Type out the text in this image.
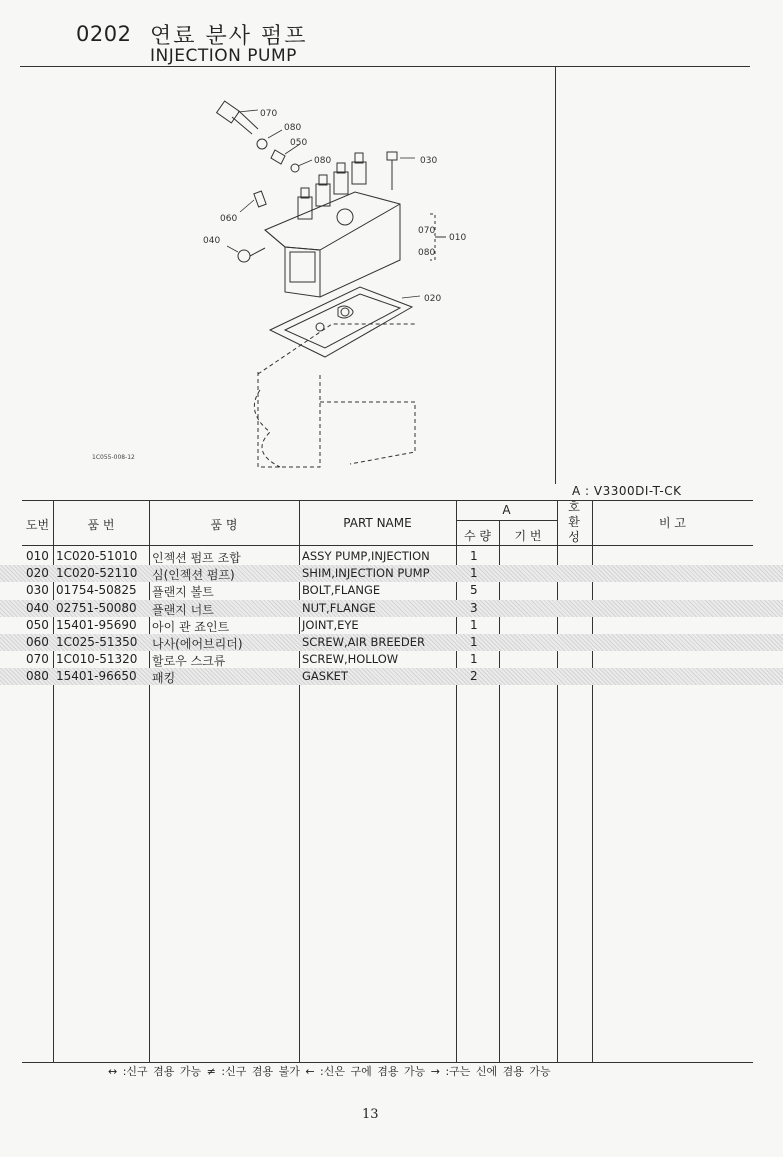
0202 연료 분사 펌프
INJECTION PUMP
070
080
050
080	030
060
040
070
010
080
020
1C055-008-12
A : V3300DI-T-CK
도번	품 번	품 명	PART NAME
A
수 량	기 번
호 환 성
비 고
010 1C020-51010 인젝션 펌프 조합	ASSY PUMP,INJECTION	1
020 1C020-52110 심(인젝션 펌프)	SHIM,INJECTION PUMP	1
030 01754-50825 플랜지 볼트	BOLT,FLANGE	5
040 02751-50080 플랜지 너트	NUT,FLANGE	3
050 15401-95690 아이 관 죠인트	JOINT,EYE	1
060 1C025-51350 나사(에어브리더)	SCREW,AIR BREEDER	1
070 1C010-51320 할로우 스크류	SCREW,HOLLOW	1
080 15401-96650 패킹	GASKET	2
↔ :신구 겸용 가능 ≠ :신구 겸용 불가 ← :신은 구에 겸용 가능 → :구는 신에 겸용 가능
13
